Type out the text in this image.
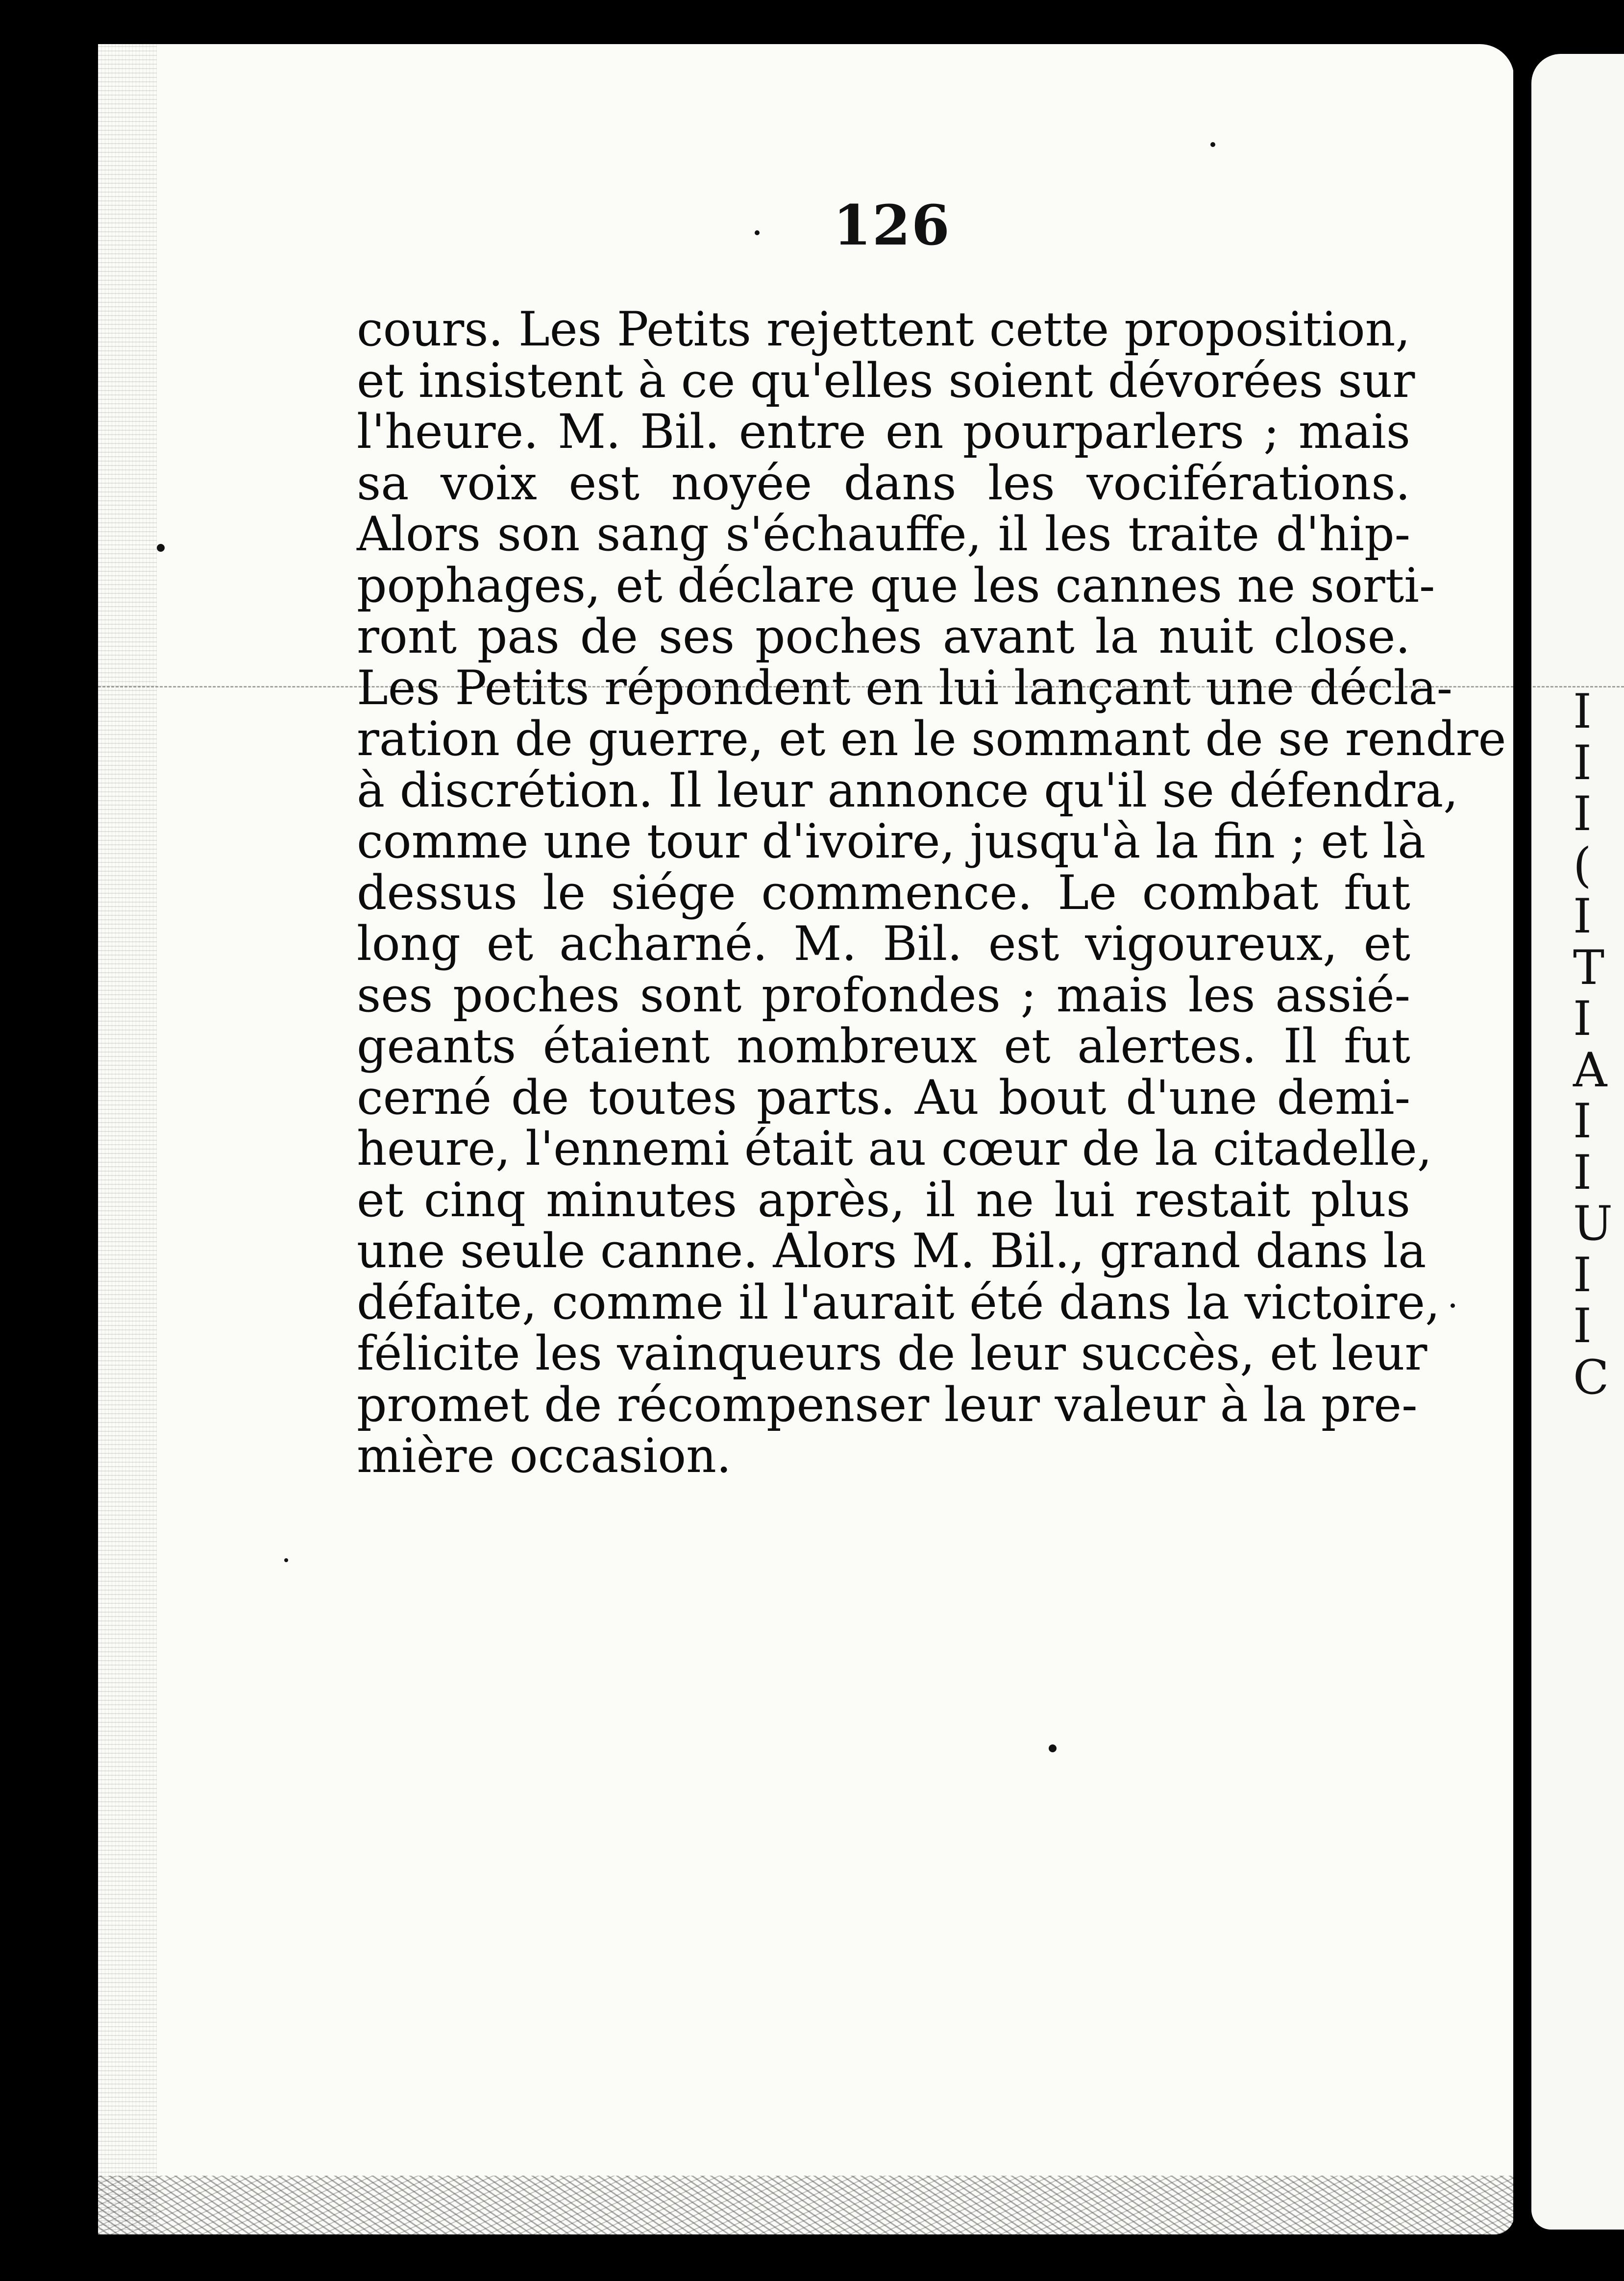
126
cours. Les Petits rejettent cette proposition,
et insistent à ce qu'elles soient dévorées sur
l'heure. M. Bil. entre en pourparlers ; mais
sa voix est noyée dans les vociférations.
Alors son sang s'échauffe, il les traite d'hip-
pophages, et déclare que les cannes ne sorti-
ront pas de ses poches avant la nuit close.
Les Petits répondent en lui lançant une décla-
ration de guerre, et en le sommant de se rendre
à discrétion. Il leur annonce qu'il se défendra,
comme une tour d'ivoire, jusqu'à la fin ; et là
dessus le siége commence. Le combat fut
long et acharné. M. Bil. est vigoureux, et
ses poches sont profondes ; mais les assié-
geants étaient nombreux et alertes. Il fut
cerné de toutes parts. Au bout d'une demi-
heure, l'ennemi était au cœur de la citadelle,
et cinq minutes après, il ne lui restait plus
une seule canne. Alors M. Bil., grand dans la
défaite, comme il l'aurait été dans la victoire,
félicite les vainqueurs de leur succès, et leur
promet de récompenser leur valeur à la pre-
mière occasion.
I
I
I
(
I
T
I
A
I
I
U
I
I
C
